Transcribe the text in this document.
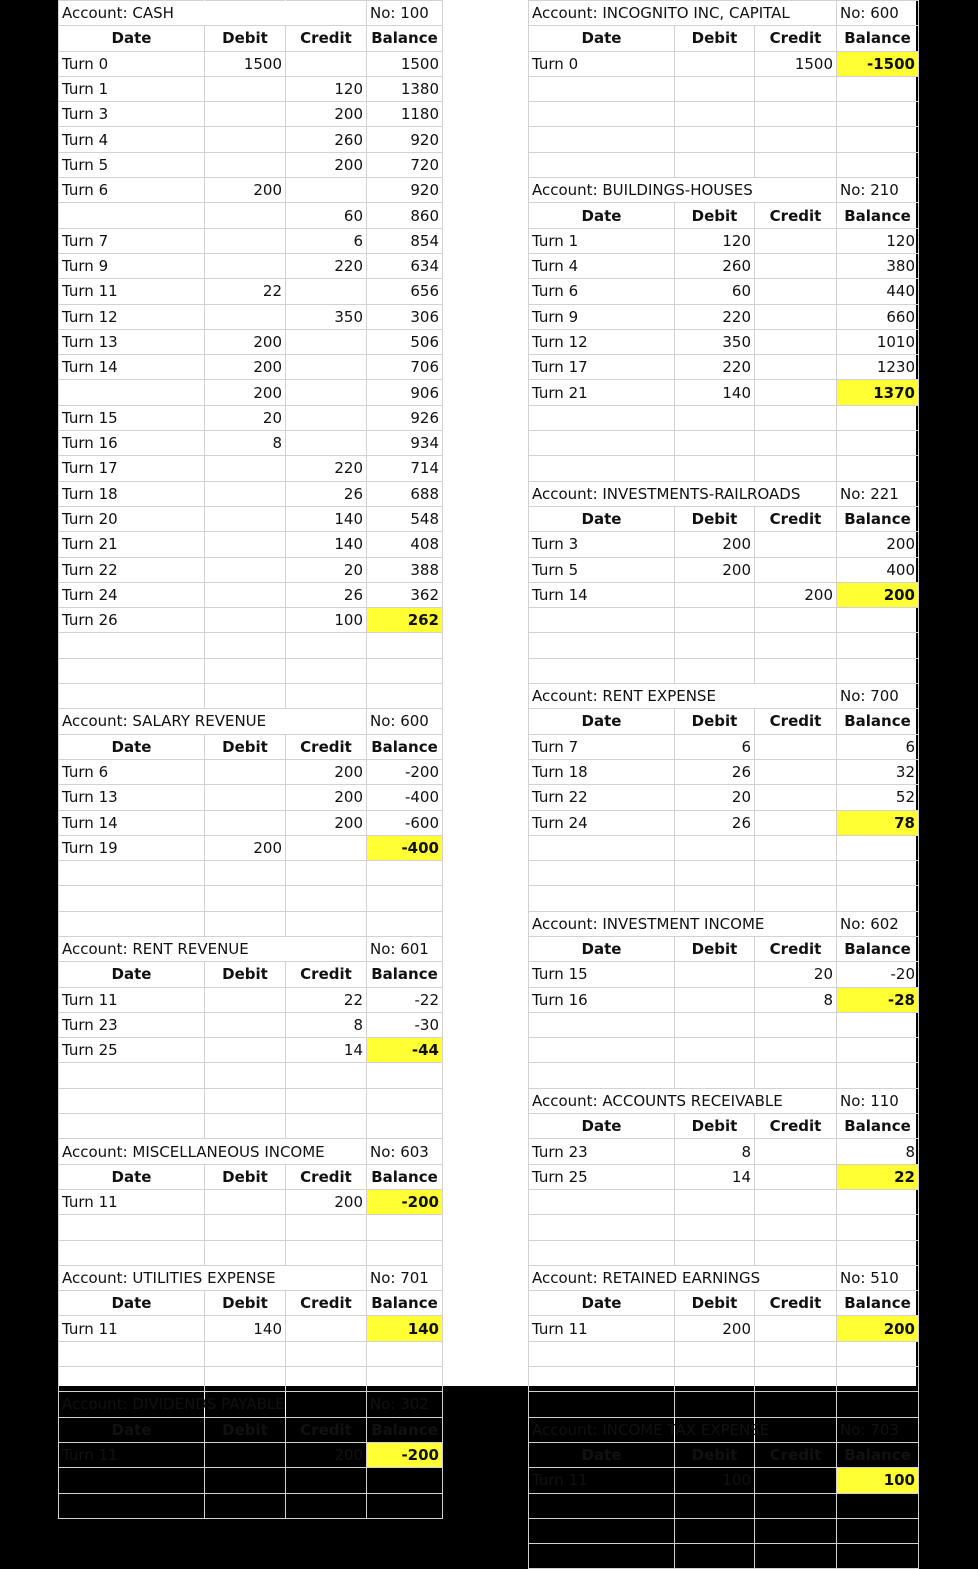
Account: CASH			No: 100
Date	Debit	Credit	Balance
Turn 0	1500		1500
Turn 1		120	1380
Turn 3		200	1180
Turn 4		260	920
Turn 5		200	720
Turn 6	200		920
		60	860
Turn 7		6	854
Turn 9		220	634
Turn 11	22		656
Turn 12		350	306
Turn 13	200		506
Turn 14	200		706
	200		906
Turn 15	20		926
Turn 16	8		934
Turn 17		220	714
Turn 18		26	688
Turn 20		140	548
Turn 21		140	408
Turn 22		20	388
Turn 24		26	362
Turn 26		100	262

Account: SALARY REVENUE			No: 600
Date	Debit	Credit	Balance
Turn 6		200	-200
Turn 13		200	-400
Turn 14		200	-600
Turn 19	200		-400

Account: RENT REVENUE			No: 601
Date	Debit	Credit	Balance
Turn 11		22	-22
Turn 23		8	-30
Turn 25		14	-44

Account: MISCELLANEOUS INCOME			No: 603
Date	Debit	Credit	Balance
Turn 11		200	-200

Account: UTILITIES EXPENSE			No: 701
Date	Debit	Credit	Balance
Turn 11	140		140

Account: DIVIDENDS PAYABLE			No: 302
Date	Debit	Credit	Balance
Turn 11		200	-200

Account: INCOGNITO INC, CAPITAL			No: 600
Date	Debit	Credit	Balance
Turn 0		1500	-1500

Account: BUILDINGS-HOUSES			No: 210
Date	Debit	Credit	Balance
Turn 1	120		120
Turn 4	260		380
Turn 6	60		440
Turn 9	220		660
Turn 12	350		1010
Turn 17	220		1230
Turn 21	140		1370

Account: INVESTMENTS-RAILROADS			No: 221
Date	Debit	Credit	Balance
Turn 3	200		200
Turn 5	200		400
Turn 14		200	200

Account: RENT EXPENSE			No: 700
Date	Debit	Credit	Balance
Turn 7	6		6
Turn 18	26		32
Turn 22	20		52
Turn 24	26		78

Account: INVESTMENT INCOME			No: 602
Date	Debit	Credit	Balance
Turn 15		20	-20
Turn 16		8	-28

Account: ACCOUNTS RECEIVABLE			No: 110
Date	Debit	Credit	Balance
Turn 23	8		8
Turn 25	14		22

Account: RETAINED EARNINGS			No: 510
Date	Debit	Credit	Balance
Turn 11	200		200

Account: INCOME TAX EXPENSE			No: 703
Date	Debit	Credit	Balance
Turn 11	100		100
